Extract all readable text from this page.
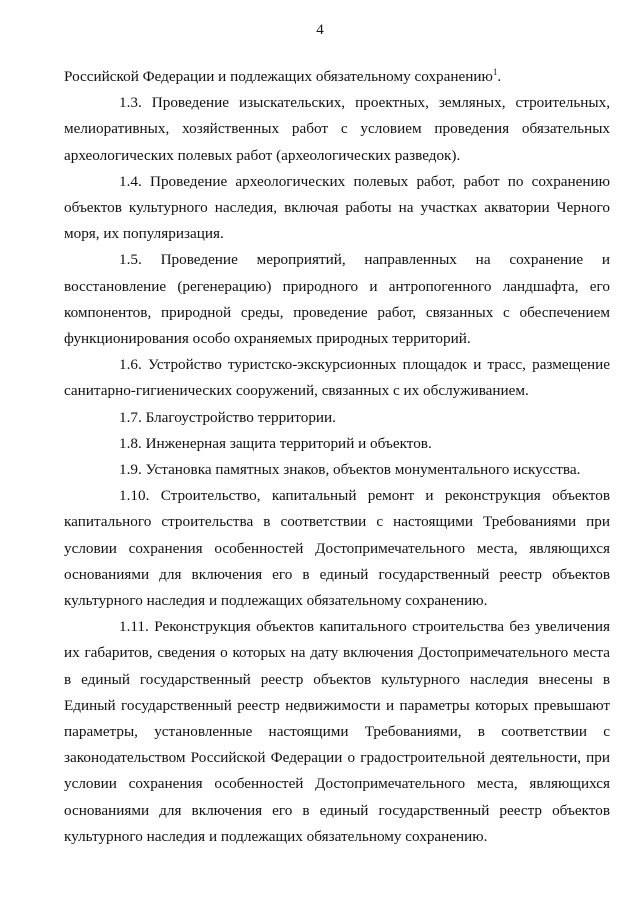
4

Российской Федерации и подлежащих обязательному сохранению$^1$.

1.3. Проведение изыскательских, проектных, земляных, строительных, мелиоративных, хозяйственных работ с условием проведения обязательных археологических полевых работ (археологических разведок).

1.4. Проведение археологических полевых работ, работ по сохранению объектов культурного наследия, включая работы на участках акватории Черного моря, их популяризация.

1.5. Проведение мероприятий, направленных на сохранение и восстановление (регенерацию) природного и антропогенного ландшафта, его компонентов, природной среды, проведение работ, связанных с обеспечением функционирования особо охраняемых природных территорий.

1.6. Устройство туристско-экскурсионных площадок и трасс, размещение санитарно-гигиенических сооружений, связанных с их обслуживанием.

1.7. Благоустройство территории.

1.8. Инженерная защита территорий и объектов.

1.9. Установка памятных знаков, объектов монументального искусства.

1.10. Строительство, капитальный ремонт и реконструкция объектов капитального строительства в соответствии с настоящими Требованиями при условии сохранения особенностей Достопримечательного места, являющихся основаниями для включения его в единый государственный реестр объектов культурного наследия и подлежащих обязательному сохранению.

1.11. Реконструкция объектов капитального строительства без увеличения их габаритов, сведения о которых на дату включения Достопримечательного места в единый государственный реестр объектов культурного наследия внесены в Единый государственный реестр недвижимости и параметры которых превышают параметры, установленные настоящими Требованиями, в соответствии с законодательством Российской Федерации о градостроительной деятельности, при условии сохранения особенностей Достопримечательного места, являющихся основаниями для включения его в единый государственный реестр объектов культурного наследия и подлежащих обязательному сохранению.
